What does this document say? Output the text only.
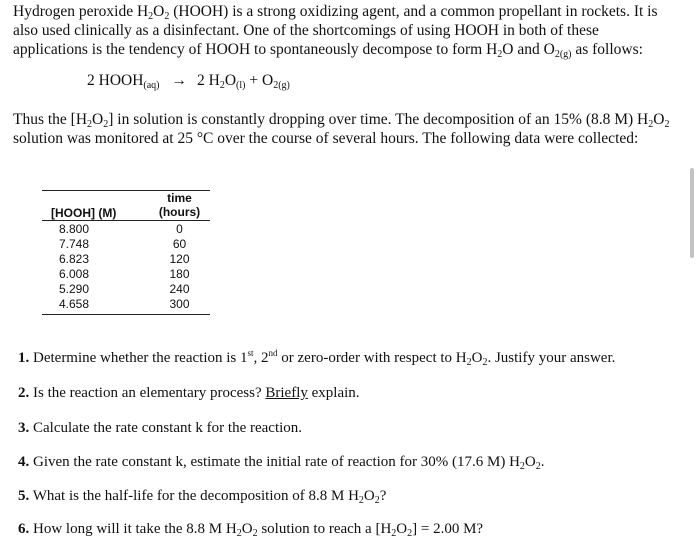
Hydrogen peroxide $H_2O_2$ (HOOH) is a strong oxidizing agent, and a common propellant in rockets. It is also used clinically as a disinfectant. One of the shortcomings of using HOOH in both of these applications is the tendency of HOOH to spontaneously decompose to form $H_2O$ and $O_{2(g)}$ as follows:

2 HOOH(aq) → 2 $H_2O(l) + O_2(g)$

Thus the $[H_2O_2]$ in solution is constantly dropping over time. The decomposition of an 15% (8.8 M) $H_2O_2$ solution was monitored at 25 °C over the course of several hours. The following data were collected:

[HOOH] (M)	time
(hours)
8.800	0
7.748	60
6.823	120
6.008	180
5.290	240
4.658	300
1. Determine whether the reaction is 1st, 2nd or zero-order with respect to $H_2O_2$. Justify your answer.
2. Is the reaction an elementary process? Briefly explain.
3. Calculate the rate constant k for the reaction.
4. Given the rate constant k, estimate the initial rate of reaction for 30% (17.6 M) $H_2O_2$.
5. What is the half-life for the decomposition of 8.8 M $H_2O_2$?
6. How long will it take the 8.8 M $H_2O_2$ solution to reach a $[H_2O_2] = 2.00$ M?
